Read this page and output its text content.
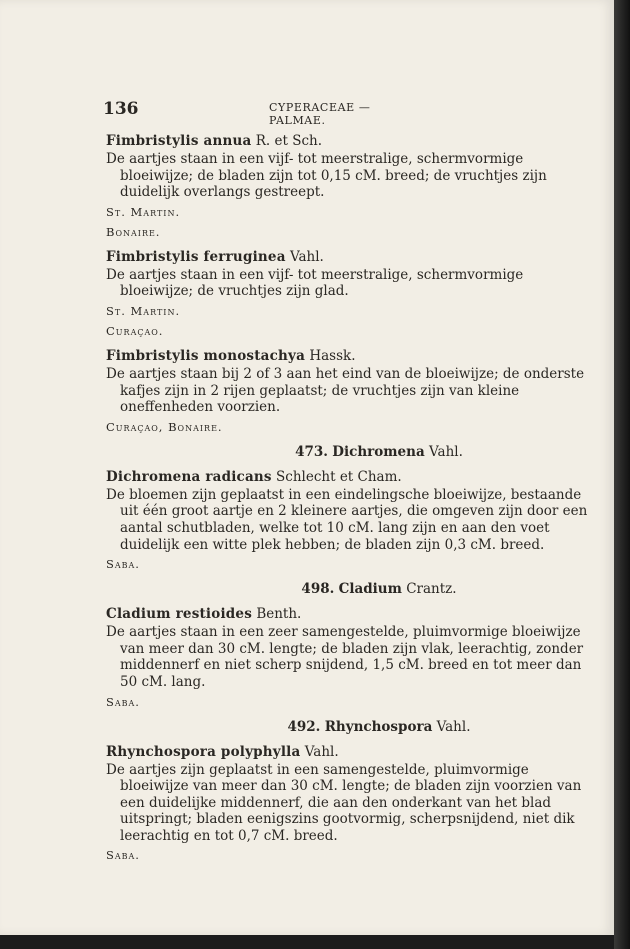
136	CYPERACEAE — PALMAE.
Fimbristylis annua R. et Sch.

De aartjes staan in een vijf- tot meerstralige, schermvormige bloeiwijze; de bladen zijn tot 0,15 cM. breed; de vruchtjes zijn duidelijk overlangs gestreept.

St. Martin.
Bonaire.
Fimbristylis ferruginea Vahl.

De aartjes staan in een vijf- tot meerstralige, schermvormige bloeiwijze; de vruchtjes zijn glad.

St. Martin.
Curaçao.
Fimbristylis monostachya Hassk.

De aartjes staan bij 2 of 3 aan het eind van de bloeiwijze; de onderste kafjes zijn in 2 rijen geplaatst; de vruchtjes zijn van kleine oneffenheden voorzien.

Curaçao, Bonaire.
473. Dichromena Vahl.
Dichromena radicans Schlecht et Cham.

De bloemen zijn geplaatst in een eindelingsche bloeiwijze, bestaande uit één groot aartje en 2 kleinere aartjes, die omgeven zijn door een aantal schutbladen, welke tot 10 cM. lang zijn en aan den voet duidelijk een witte plek hebben; de bladen zijn 0,3 cM. breed.

Saba.
498. Cladium Crantz.
Cladium restioides Benth.

De aartjes staan in een zeer samengestelde, pluimvormige bloeiwijze van meer dan 30 cM. lengte; de bladen zijn vlak, leerachtig, zonder middennerf en niet scherp snijdend, 1,5 cM. breed en tot meer dan 50 cM. lang.

Saba.
492. Rhynchospora Vahl.
Rhynchospora polyphylla Vahl.

De aartjes zijn geplaatst in een samengestelde, pluimvormige bloeiwijze van meer dan 30 cM. lengte; de bladen zijn voorzien van een duidelijke middennerf, die aan den onderkant van het blad uitspringt; bladen eenigszins gootvormig, scherpsnijdend, niet dik leerachtig en tot 0,7 cM. breed.

Saba.
